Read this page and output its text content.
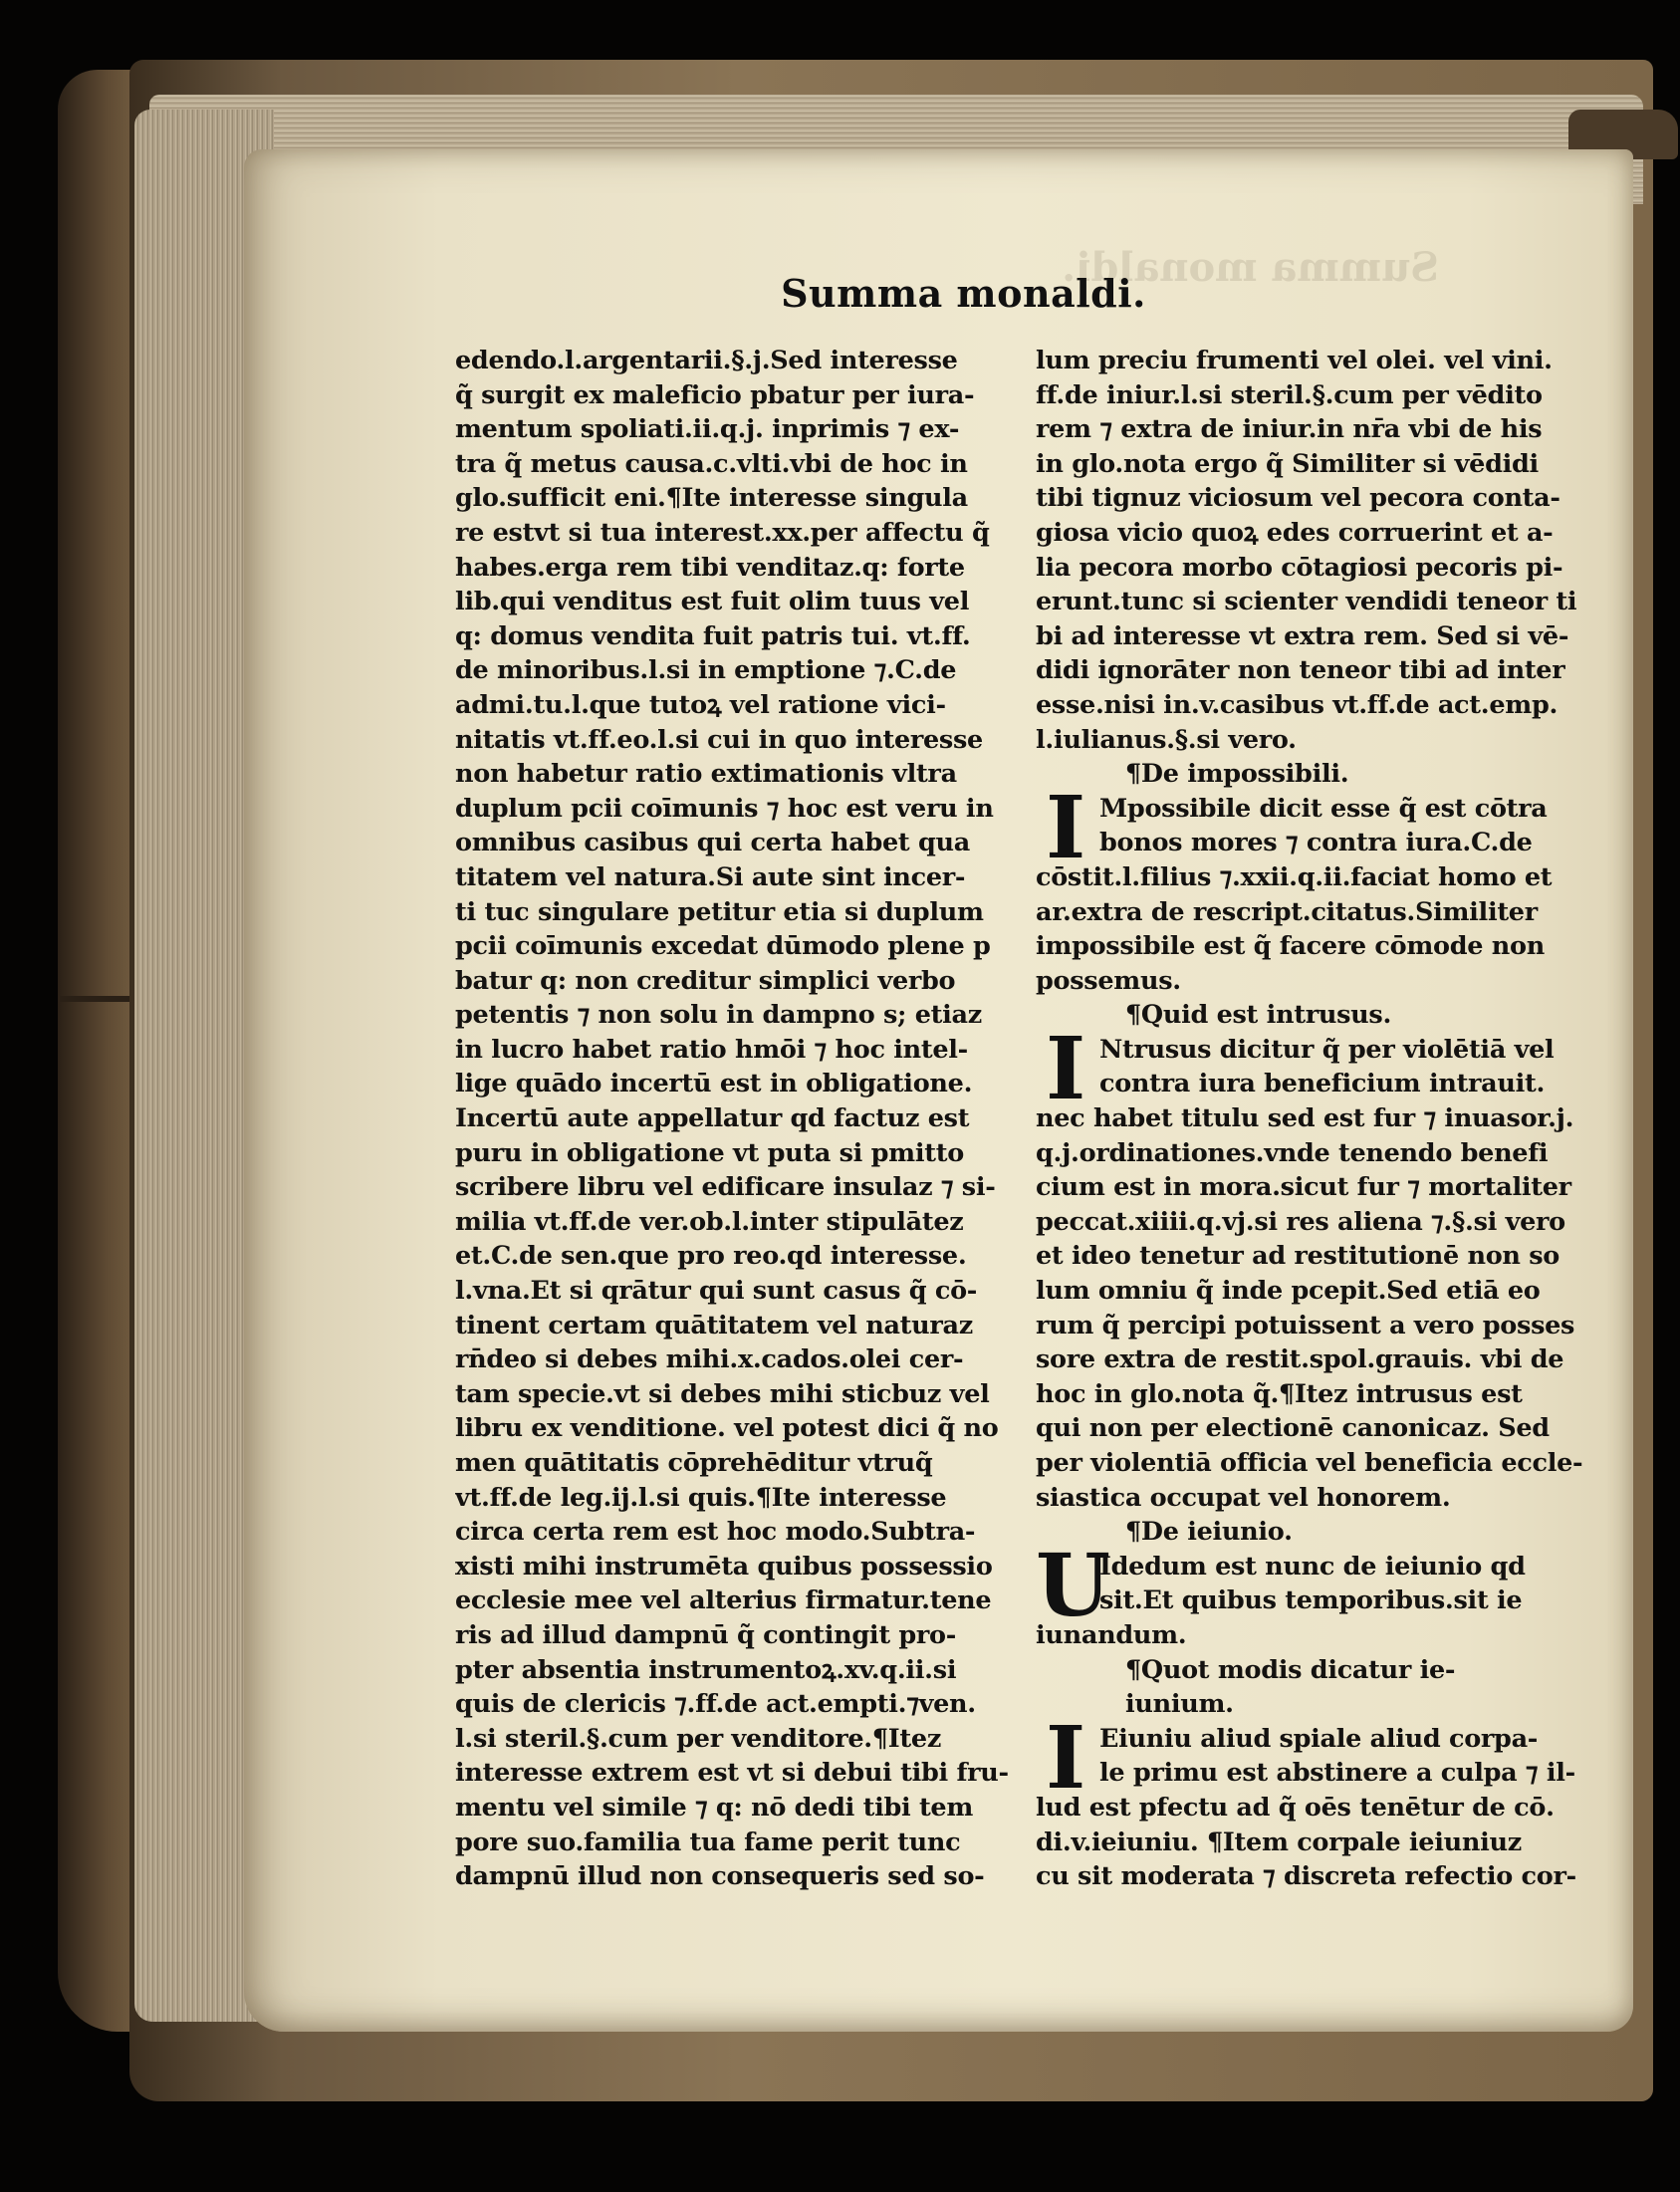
Summa monaldi.
Summa monaldi.
edendo.l.argentarii.§.j.Sed interesse
q̃ surgit ex maleficio pbatur per iura-
mentum spoliati.ii.q.j. inprimis ⁊ ex-
tra q̃ metus causa.c.vlti.vbi de hoc in
glo.sufficit eni.¶Ite interesse singula
re estvt si tua interest.xx.per affectu q̃
habes.erga rem tibi venditaz.q: forte
lib.qui venditus est fuit olim tuus vel
q: domus vendita fuit patris tui. vt.ff.
de minoribus.l.si in emptione ⁊.C.de
admi.tu.l.que tutoꝝ vel ratione vici-
nitatis vt.ff.eo.l.si cui in quo interesse
non habetur ratio extimationis vltra
duplum pcii coīmunis ⁊ hoc est veru in
omnibus casibus qui certa habet qua
titatem vel natura.Si aute sint incer-
ti tuc singulare petitur etia si duplum
pcii coīmunis excedat dūmodo plene p
batur q: non creditur simplici verbo
petentis ⁊ non solu in dampno s; etiaz
in lucro habet ratio hmōi ⁊ hoc intel-
lige quādo incertū est in obligatione.
Incertū aute appellatur qd factuz est
puru in obligatione vt puta si pmitto
scribere libru vel edificare insulaz ⁊ si-
milia vt.ff.de ver.ob.l.inter stipulātez
et.C.de sen.que pro reo.qd interesse.
l.vna.Et si qrātur qui sunt casus q̃ cō-
tinent certam quātitatem vel naturaz
rn̄deo si debes mihi.x.cados.olei cer-
tam specie.vt si debes mihi sticbuz vel
libru ex venditione. vel potest dici q̃ no
men quātitatis cōprehēditur vtruq̃
vt.ff.de leg.ij.l.si quis.¶Ite interesse
circa certa rem est hoc modo.Subtra-
xisti mihi instrumēta quibus possessio
ecclesie mee vel alterius firmatur.tene
ris ad illud dampnū q̃ contingit pro-
pter absentia instrumentoꝝ.xv.q.ii.si
quis de clericis ⁊.ff.de act.empti.⁊ven.
l.si steril.§.cum per venditore.¶Itez
interesse extrem est vt si debui tibi fru-
mentu vel simile ⁊ q: nō dedi tibi tem
pore suo.familia tua fame perit tunc
dampnū illud non consequeris sed so-
lum preciu frumenti vel olei. vel vini.
ff.de iniur.l.si steril.§.cum per vēdito
rem ⁊ extra de iniur.in nr̄a vbi de his
in glo.nota ergo q̃ Similiter si vēdidi
tibi tignuz viciosum vel pecora conta-
giosa vicio quoꝝ edes corruerint et a-
lia pecora morbo cōtagiosi pecoris pi-
erunt.tunc si scienter vendidi teneor ti
bi ad interesse vt extra rem. Sed si vē-
didi ignorāter non teneor tibi ad inter
esse.nisi in.v.casibus vt.ff.de act.emp.
l.iulianus.§.si vero.
¶De impossibili.
I Mpossibile dicit esse q̃ est cōtra
bonos mores ⁊ contra iura.C.de
cōstit.l.filius ⁊.xxii.q.ii.faciat homo et
ar.extra de rescript.citatus.Similiter
impossibile est q̃ facere cōmode non
possemus.
¶Quid est intrusus.
I Ntrusus dicitur q̃ per violētiā vel
contra iura beneficium intrauit.
nec habet titulu sed est fur ⁊ inuasor.j.
q.j.ordinationes.vnde tenendo benefi
cium est in mora.sicut fur ⁊ mortaliter
peccat.xiiii.q.vj.si res aliena ⁊.§.si vero
et ideo tenetur ad restitutionē non so
lum omniu q̃ inde pcepit.Sed etiā eo
rum q̃ percipi potuissent a vero posses
sore extra de restit.spol.grauis. vbi de
hoc in glo.nota q̃.¶Itez intrusus est
qui non per electionē canonicaz. Sed
per violentiā officia vel beneficia eccle-
siastica occupat vel honorem.
¶De ieiunio.
U
Idedum est nunc de ieiunio qd
sit.Et quibus temporibus.sit ie
iunandum.
¶Quot modis dicatur ie-
iunium.
I Eiuniu aliud spiale aliud corpa-
le primu est abstinere a culpa ⁊ il-
lud est pfectu ad q̃ oēs tenētur de cō.
di.v.ieiuniu. ¶Item corpale ieiuniuz
cu sit moderata ⁊ discreta refectio cor-
